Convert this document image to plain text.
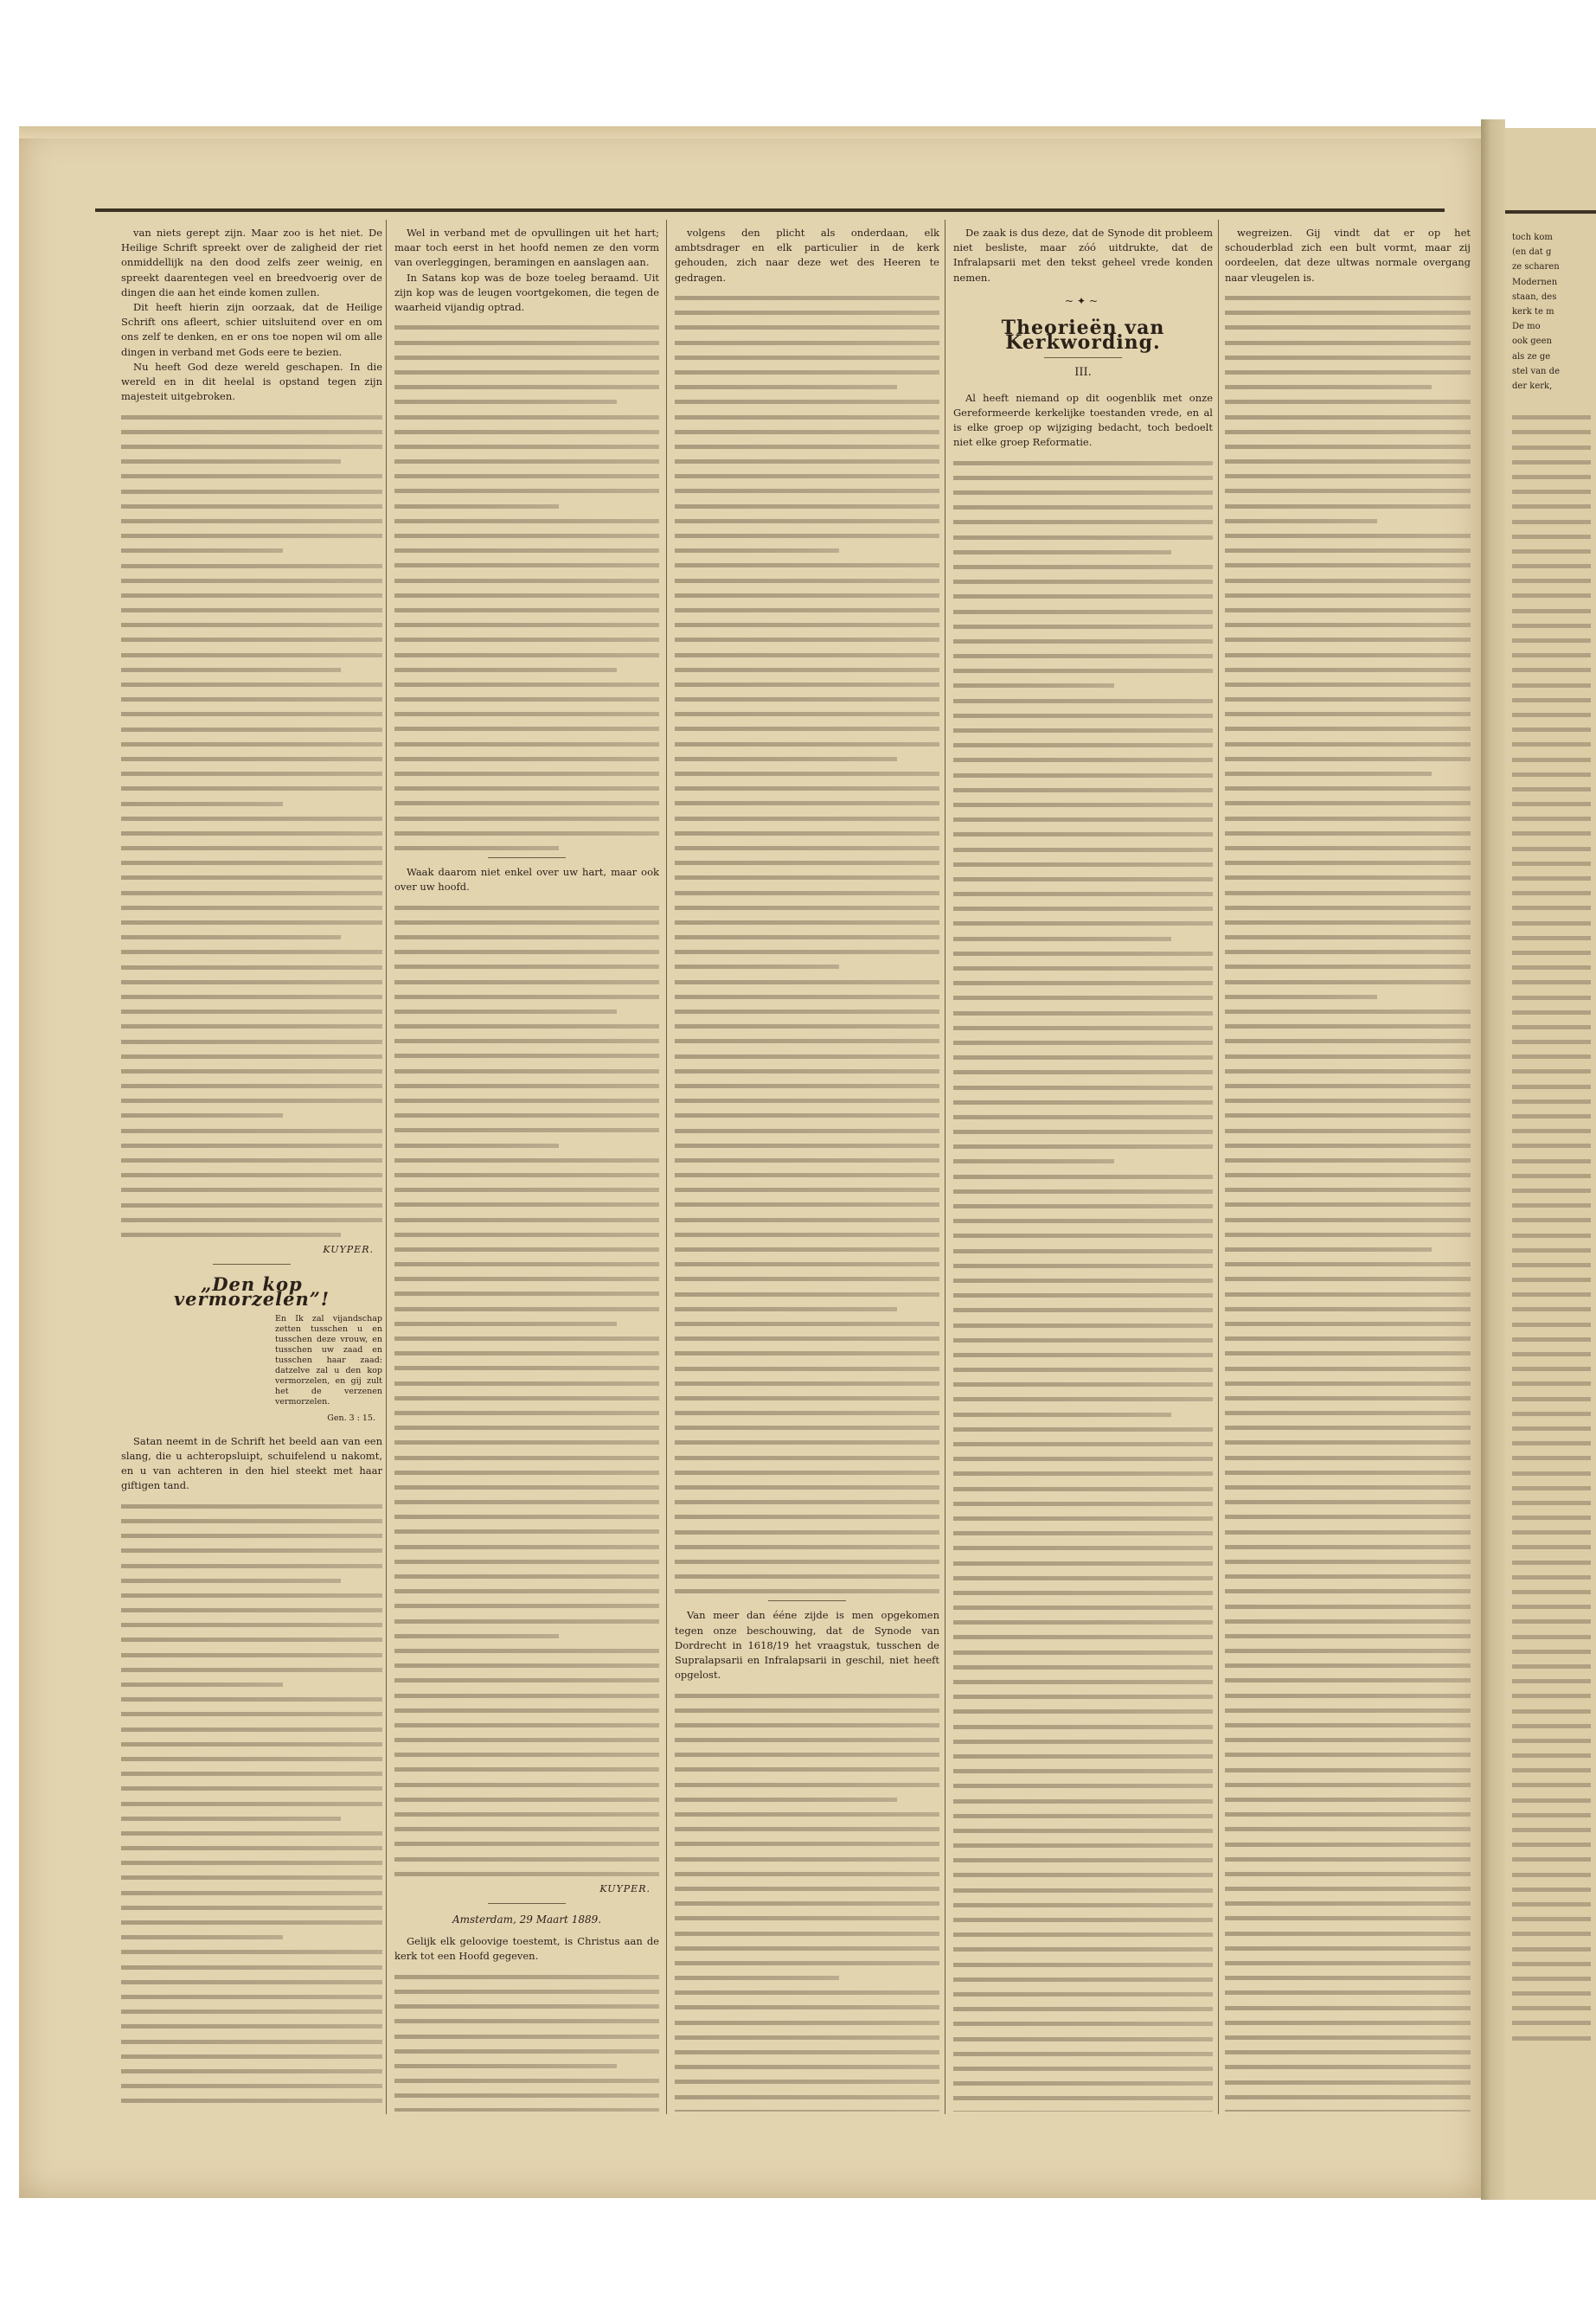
van niets gerept zijn. Maar zoo is het niet. De Heilige Schrift spreekt over de zaligheid der riet onmiddellijk na den dood zelfs zeer weinig, en spreekt daarentegen veel en breedvoerig over de dingen die aan het einde komen zullen.

Dit heeft hierin zijn oorzaak, dat de Heilige Schrift ons afleert, schier uitsluitend over en om ons zelf te denken, en er ons toe nopen wil om alle dingen in verband met Gods eere te bezien.

Nu heeft God deze wereld geschapen. In die wereld en in dit heelal is opstand tegen zijn majesteit uitgebroken.

KUYPER.
„Den kop vermorzelen”!
En Ik zal vijandschap zetten tusschen u en tusschen deze vrouw, en tusschen uw zaad en tusschen haar zaad: datzelve zal u den kop vermorzelen, en gij zult het de verzenen vermorzelen.
Gen. 3 : 15.

Satan neemt in de Schrift het beeld aan van een slang, die u achteropsluipt, schuifelend u nakomt, en u van achteren in den hiel steekt met haar giftigen tand.

Wel in verband met de opvullingen uit het hart; maar toch eerst in het hoofd nemen ze den vorm van overleggingen, beramingen en aanslagen aan.

In Satans kop was de boze toeleg beraamd. Uit zijn kop was de leugen voortgekomen, die tegen de waarheid vijandig optrad.

Waak daarom niet enkel over uw hart, maar ook over uw hoofd.

KUYPER.
Amsterdam, 29 Maart 1889.

Gelijk elk geloovige toestemt, is Christus aan de kerk tot een Hoofd gegeven.

volgens den plicht als onderdaan, elk ambtsdrager en elk particulier in de kerk gehouden, zich naar deze wet des Heeren te gedragen.

Van meer dan ééne zijde is men opgekomen tegen onze beschouwing, dat de Synode van Dordrecht in 1618/19 het vraagstuk, tusschen de Supralapsarii en Infralapsarii in geschil, niet heeft opgelost.

De zaak is dus deze, dat de Synode dit probleem niet besliste, maar zóó uitdrukte, dat de Infralapsarii met den tekst geheel vrede konden nemen.

~✦~
Theorieën van Kerkwording.
III.

Al heeft niemand op dit oogenblik met onze Gereformeerde kerkelijke toestanden vrede, en al is elke groep op wijziging bedacht, toch bedoelt niet elke groep Reformatie.

wegreizen. Gij vindt dat er op het schouderblad zich een bult vormt, maar zij oordeelen, dat deze ultwas normale overgang naar vleugelen is.

toch kom
(en dat g
ze scharen
Modernen
staan, des
kerk te m
De mo
ook geen
als ze ge
stel van de
der kerk,
